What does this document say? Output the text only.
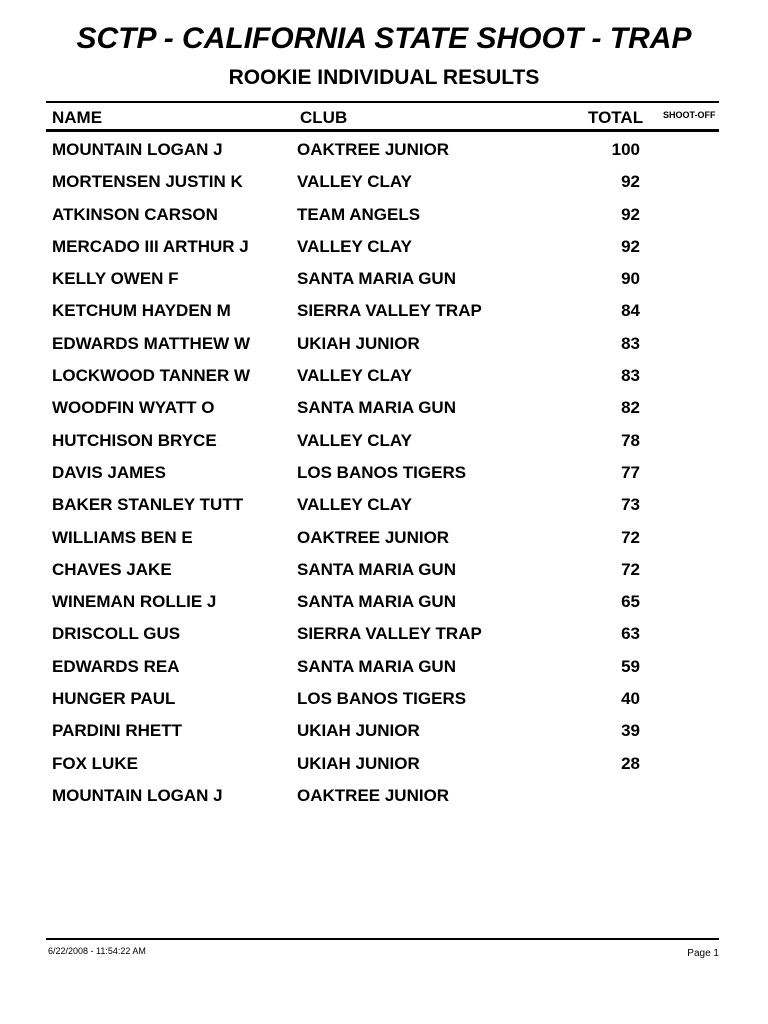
SCTP - CALIFORNIA STATE SHOOT - TRAP
ROOKIE INDIVIDUAL RESULTS
NAME	CLUB	TOTAL SHOOT-OFF
MOUNTAIN LOGAN J	OAKTREE JUNIOR	100
MORTENSEN JUSTIN K	VALLEY CLAY	92
ATKINSON CARSON	TEAM ANGELS	92
MERCADO III ARTHUR J	VALLEY CLAY	92
KELLY OWEN F	SANTA MARIA GUN	90
KETCHUM HAYDEN M	SIERRA VALLEY TRAP	84
EDWARDS MATTHEW W	UKIAH JUNIOR	83
LOCKWOOD TANNER W	VALLEY CLAY	83
WOODFIN WYATT O	SANTA MARIA GUN	82
HUTCHISON BRYCE	VALLEY CLAY	78
DAVIS JAMES	LOS BANOS TIGERS	77
BAKER STANLEY TUTT	VALLEY CLAY	73
WILLIAMS BEN E	OAKTREE JUNIOR	72
CHAVES JAKE	SANTA MARIA GUN	72
WINEMAN ROLLIE J	SANTA MARIA GUN	65
DRISCOLL GUS	SIERRA VALLEY TRAP	63
EDWARDS REA	SANTA MARIA GUN	59
HUNGER PAUL	LOS BANOS TIGERS	40
PARDINI RHETT	UKIAH JUNIOR	39
FOX LUKE	UKIAH JUNIOR	28
MOUNTAIN LOGAN J	OAKTREE JUNIOR
6/22/2008 - 11:54:22 AM	Page 1
